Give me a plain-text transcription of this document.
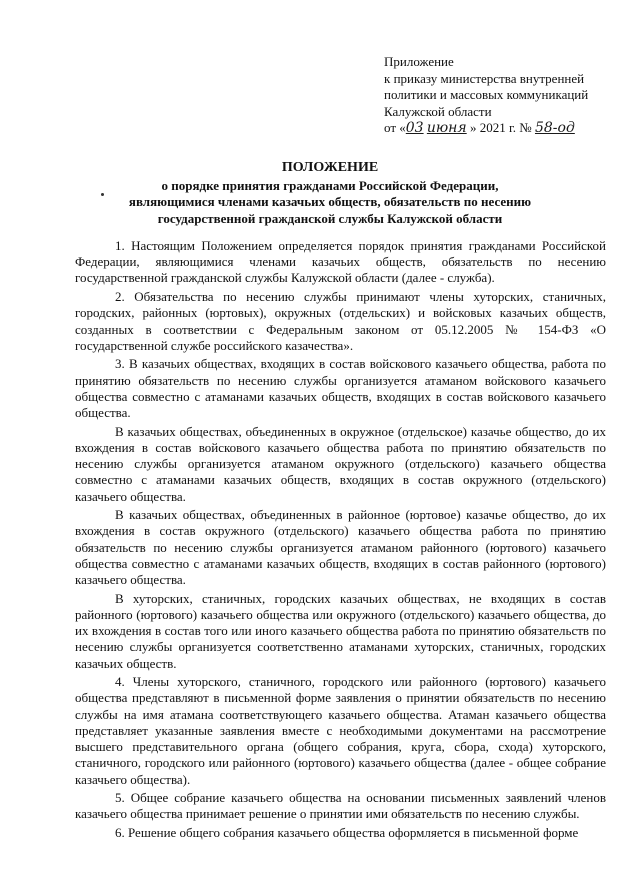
Приложение
к приказу министерства внутренней
политики и массовых коммуникаций
Калужской области
от «03 июня » 2021 г. № 58-од
ПОЛОЖЕНИЕ
о порядке принятия гражданами Российской Федерации,
являющимися членами казачьих обществ, обязательств по несению
государственной гражданской службы Калужской области

1. Настоящим Положением определяется порядок принятия гражданами Российской Федерации, являющимися членами казачьих обществ, обязательств по несению государственной гражданской службы Калужской области (далее - служба).

2. Обязательства по несению службы принимают члены хуторских, станичных, городских, районных (юртовых), окружных (отдельских) и войсковых казачьих обществ, созданных в соответствии с Федеральным законом от 05.12.2005 № 154-ФЗ «О государственной службе российского казачества».

3. В казачьих обществах, входящих в состав войскового казачьего общества, работа по принятию обязательств по несению службы организуется атаманом войскового казачьего общества совместно с атаманами казачьих обществ, входящих в состав войскового казачьего общества.

В казачьих обществах, объединенных в окружное (отдельское) казачье общество, до их вхождения в состав войскового казачьего общества работа по принятию обязательств по несению службы организуется атаманом окружного (отдельского) казачьего общества совместно с атаманами казачьих обществ, входящих в состав окружного (отдельского) казачьего общества.

В казачьих обществах, объединенных в районное (юртовое) казачье общество, до их вхождения в состав окружного (отдельского) казачьего общества работа по принятию обязательств по несению службы организуется атаманом районного (юртового) казачьего общества совместно с атаманами казачьих обществ, входящих в состав районного (юртового) казачьего общества.

В хуторских, станичных, городских казачьих обществах, не входящих в состав районного (юртового) казачьего общества или окружного (отдельского) казачьего общества, до их вхождения в состав того или иного казачьего общества работа по принятию обязательств по несению службы организуется соответственно атаманами хуторских, станичных, городских казачьих обществ.

4. Члены хуторского, станичного, городского или районного (юртового) казачьего общества представляют в письменной форме заявления о принятии обязательств по несению службы на имя атамана соответствующего казачьего общества. Атаман казачьего общества представляет указанные заявления вместе с необходимыми документами на рассмотрение высшего представительного органа (общего собрания, круга, сбора, схода) хуторского, станичного, городского или районного (юртового) казачьего общества (далее - общее собрание казачьего общества).

5. Общее собрание казачьего общества на основании письменных заявлений членов казачьего общества принимает решение о принятии ими обязательств по несению службы.

6. Решение общего собрания казачьего общества оформляется в письменной форме
